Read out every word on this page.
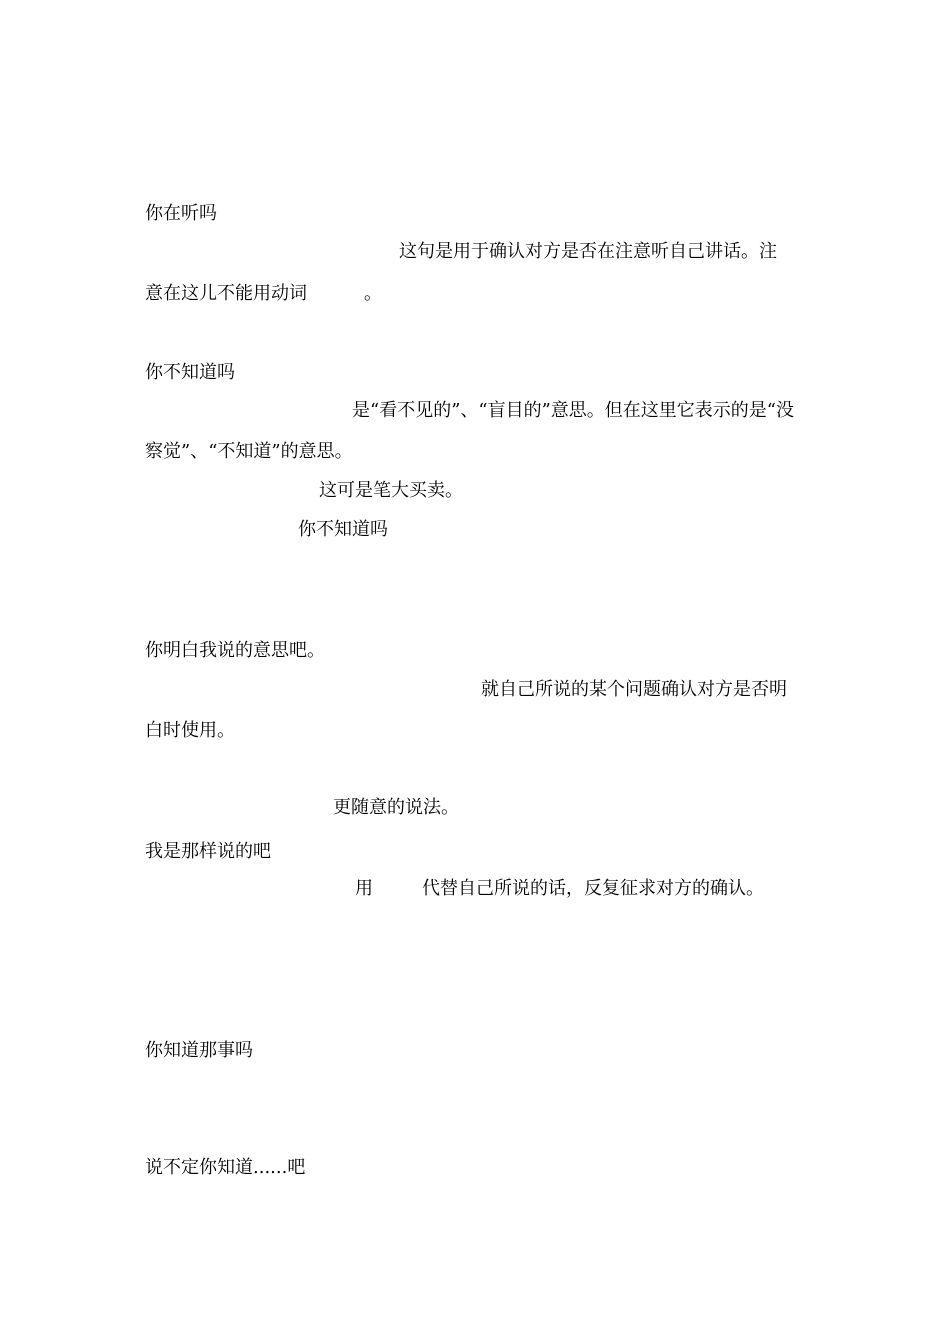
你在听吗
这句是用于确认对方是否在注意听自己讲话。注
意在这儿不能用动词	。
你不知道吗
是“看不见的”、“盲目的”意思。但在这里它表示的是“没
察觉”、“不知道”的意思。
这可是笔大买卖。
你不知道吗
你明白我说的意思吧。
就自己所说的某个问题确认对方是否明
白时使用。
更随意的说法。
我是那样说的吧
用	代替自己所说的话，反复征求对方的确认。
你知道那事吗
说不定你知道......吧
